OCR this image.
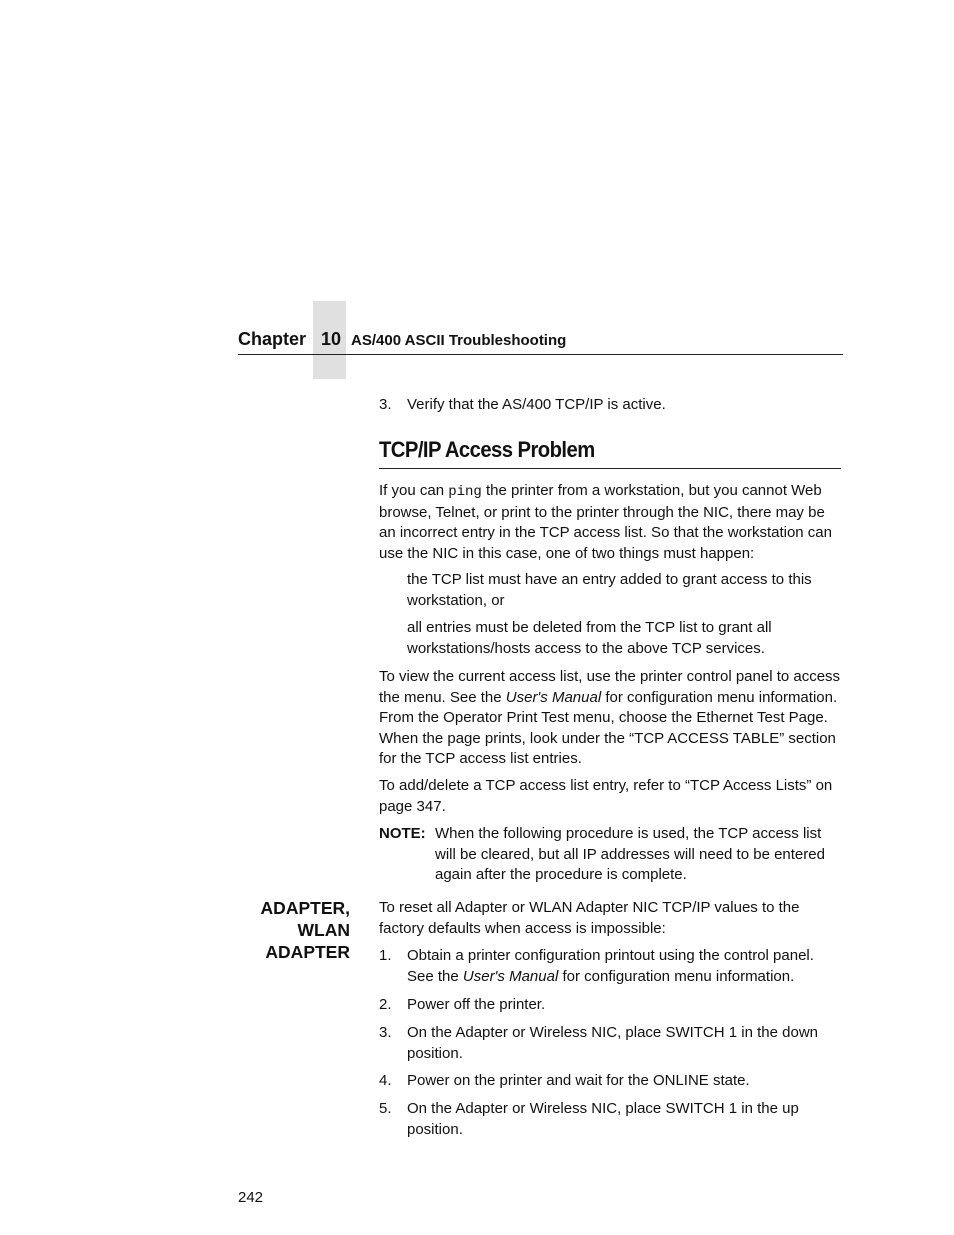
Chapter 10 AS/400 ASCII Troubleshooting
3. Verify that the AS/400 TCP/IP is active.
TCP/IP Access Problem
If you can ping the printer from a workstation, but you cannot Web browse, Telnet, or print to the printer through the NIC, there may be an incorrect entry in the TCP access list. So that the workstation can use the NIC in this case, one of two things must happen:
the TCP list must have an entry added to grant access to this workstation, or
all entries must be deleted from the TCP list to grant all workstations/hosts access to the above TCP services.
To view the current access list, use the printer control panel to access the menu. See the User's Manual for configuration menu information. From the Operator Print Test menu, choose the Ethernet Test Page. When the page prints, look under the “TCP ACCESS TABLE” section for the TCP access list entries.
To add/delete a TCP access list entry, refer to “TCP Access Lists” on page 347.
NOTE: When the following procedure is used, the TCP access list will be cleared, but all IP addresses will need to be entered again after the procedure is complete.
ADAPTER,
WLAN
ADAPTER
To reset all Adapter or WLAN Adapter NIC TCP/IP values to the factory defaults when access is impossible:
1. Obtain a printer configuration printout using the control panel. See the User's Manual for configuration menu information.
2. Power off the printer.
3. On the Adapter or Wireless NIC, place SWITCH 1 in the down position.
4. Power on the printer and wait for the ONLINE state.
5. On the Adapter or Wireless NIC, place SWITCH 1 in the up position.
242
